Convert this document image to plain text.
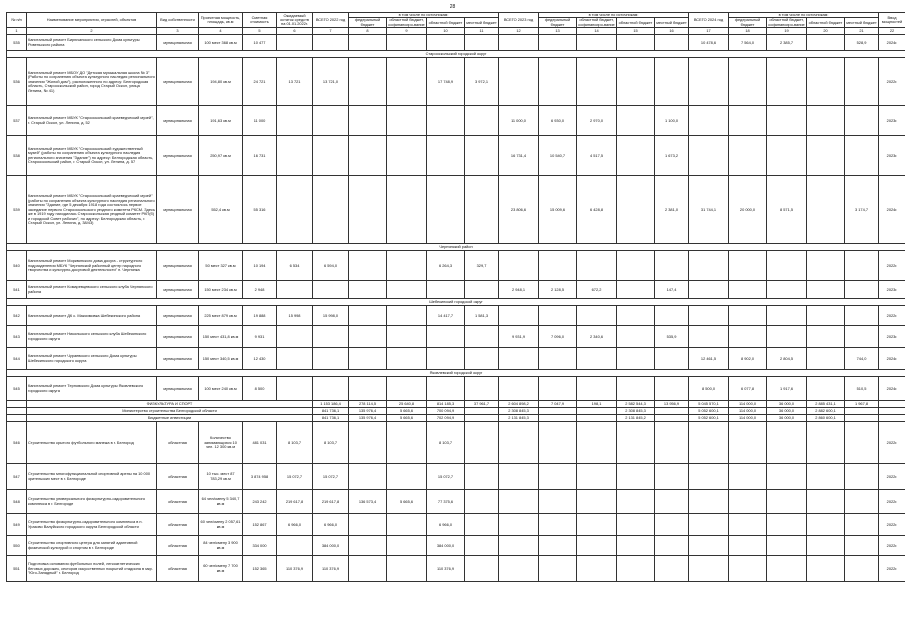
28
№ п/п	Наименование мероприятия, отраслей, объектов	Вид собственности	Проектная мощность, площадь, кв.м	Сметная стоимость	Ожидаемый остаток средств на 01.01.2022г.	ВСЕГО 2022 год	в том числе по источникам:				ВСЕГО 2023 год	в том числе по источникам:				ВСЕГО 2024 год	в том числе по источникам:				Ввод мощностей
							федеральный бюджет	областной бюджет, софинансиро-вание	областной бюджет	местный бюджет		федеральный бюджет	областной бюджет, софинансиро-вание	областной бюджет	местный бюджет		федеральный бюджет	областной бюджет, софинансиро-вание	областной бюджет	местный бюджет	
1	2	3	4	5	6	7	8	9	10	11	12	13	14	15	16	17	18	19	20	21	22
535	Капитальный ремонт Бирючанского сельского Дома культуры Ровеньского района	муниципальная	100 мест 368 кв.м	10 477												10 478,6	7 564,0	2 385,7		528,9	2024г.
Старооскольский городской округ																					
536	Капитальный ремонт МБОУ ДО "Детская музыкальная школа № 3" (Работы по сохранению объекта культурного наследия регионального значения "Жилой дом"), расположенного по адресу: Белгородская область, Старооскольский район, город Старый Оскол, улица Ленина, № 41)	муниципальная	194,80 кв.м	24 721	13 721	13 721,0			17 748,9	3 972,1											2022г.
537	Капитальный ремонт МБУК "Старооскольский краеведческий музей", г. Старый Оскол, ул. Ленина, д. 52	муниципальная	191,63 кв.м	11 000							11 000,0	6 930,0	2 970,0		1 100,0						2023г.
538	Капитальный ремонт МБУК "Старооскольский художественный музей" (работы по сохранению объекта культурного наследия регионального значения "Здание") по адресу: Белгородская область, Старооскольский район, г. Старый Оскол, ул. Ленина, д. 57	муниципальная	250,97 кв.м	16 731							16 731,4	10 540,7	4 517,5		1 673,2						2023г.
539	Капитальный ремонт МБУК "Старооскольский краеведческий музей" (работы по сохранению объекта культурного наследия регионального значения "Здание, где 5 декабря 1918 года состоялось первое заседание первого Старооскольского уездного комитета РКСМ. Здесь же в 1919 году находилась Старооскольская уездный комитет РКП(б) и городской Совет рабочих", по адресу: Белгородская область, г. Старый Оскол, ул. Ленина, д. 38/43)	муниципальная	552,4 кв.м	55 316							23 806,6	15 009,6	6 428,8		2 381,0	31 744,1	20 000,0	8 571,5		3 174,7	2024г.
Чернянский район																					
540	Капитальный ремонт Морквинского дома досуга - структурного подразделения МБУК "Чернянский районный центр народного творчества и культурно-досуговой деятельности" п. Чернянка	муниципальная	50 мест 327 кв.м	10 194	6 534	6 594,0			6 264,3	329,7											2022г.
541	Капитальный ремонт Комаревцевского сельского клуба Чернянского района	муниципальная	150 мест 234 кв.м	2 948							2 948,1	2 128,5	672,2		147,4						2023г.
Шебекинский городской округ																					
542	Капитальный ремонт ДК с. Максимовка Шебекинского района	муниципальная	225 мест 879 кв.м	19 888	15 998	15 998,0			14 417,7	1 581,3											2022г.
543	Капитальный ремонт Никольского сельского клуба Шебекинского городского округа	муниципальная	150 мест 431,8 кв.м	9 931							9 931,9	7 096,0	2 340,6		535,9						2023г.
544	Капитальный ремонт Чураевского сельского Дома культуры Шебекинского городского округа	муниципальная	150 мест 340,5 кв.м	12 430												12 461,5	8 902,0	2 804,5		744,0	2024г.
Яковлевский городской округ																					
545	Капитальный ремонт Терновского Дома культуры Яковлевского городского округа	муниципальная	100 мест 240 кв.м	8 500												8 500,0	6 077,8	1 917,6		510,5	2024г.
	ФИЗКУЛЬТУРА И СПОРТ					1 153 186,4	278 114,5	25 640,8	814 185,3	37 961,7	2 604 898,2	7 047,9	198,1	2 582 544,3	13 956,9	5 045 570,1	114 000,0	36 000,0	2 885 431,1	1 967,8	
	Министерство строительства Белгородской области					841 736,1	135 976,4	5 665,6	700 094,9		2 308 845,3			2 308 845,3		5 052 600,1	114 000,0	36 000,0	2 882 600,1		
	Бюджетные инвестиции					841 736,1	135 976,4	5 665,6	702 094,9		2 131 845,3			2 131 845,2		5 052 600,1	114 000,0	36 000,0	2 860 600,1		
546	Строительство крытого футбольного манежа в г. Белгород	областная	Количество занимающихся 10 чел. 12 300 кв.м	481 031	8 103,7	8 103,7			8 103,7												2022г.
547	Строительство многофункциональной спортивной арены на 10 000 зрительских мест в г. Белгороде	областная	10 тыс. мест 87 783,29 кв.м	3 874 958	15 072,7	15 072,7			15 072,7												2022г.
548	Строительство универсального физкультурно-оздоровительного комплекса в г. Белгороде	областная	64 чел/смену 5 340,7 кв.м	243 242	219 617,8	219 617,8	136 573,4	5 665,6	77 375,6												2022г.
549	Строительство физкультурно-оздоровительного комплекса в п. Уразово Валуйского городского округа Белгородской области	областная	60 чел/смену 2 057,61 кв.м	152 867	6 966,0	6 966,0			6 966,0												2022г.
550	Строительство спортивного центра для занятий адаптивной физической культурой и спортом в г. Белгороде	областная	84 чел/смену 3 900 кв.м	334 000		384 000,0			384 000,0												2022г.
551	Подготовка основания футбольных полей, легкоатлетических беговых дорожек, секторов искусственных покрытий стадиона в мкр. "Юго-Западный" г. Белгород	областная	60 чел/смену 7 700 кв.м	152 365	110 376,9	110 376,9			110 376,9												2022г.
